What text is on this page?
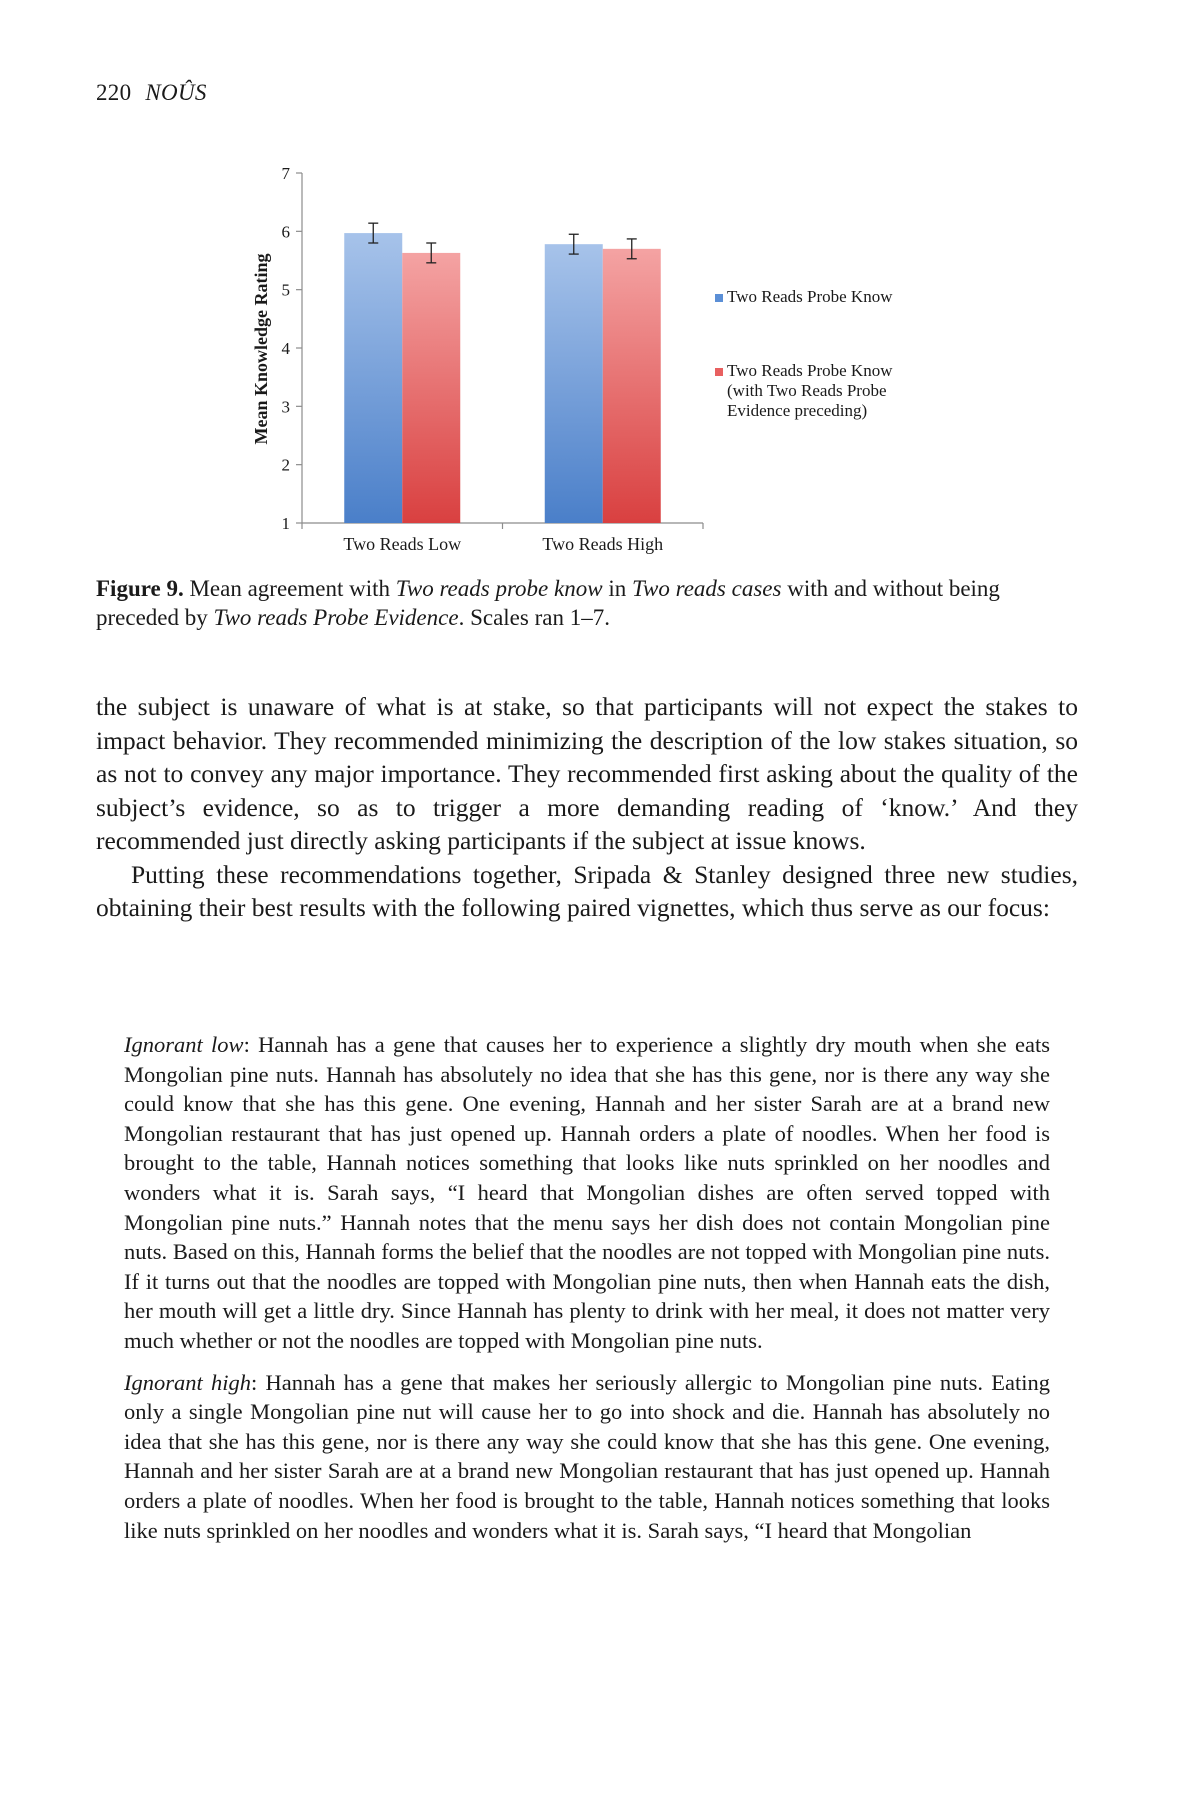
220 NOÛS
1
2
3
4
5
6
7
Two Reads Low	Two Reads High
Mean Knowledge Rating	Two Reads Probe Know
Two Reads Probe Know
(with Two Reads Probe
Evidence preceding)
Figure 9. Mean agreement with Two reads probe know in Two reads cases with and without being preceded by Two reads Probe Evidence. Scales ran 1–7.

the subject is unaware of what is at stake, so that participants will not expect the stakes to impact behavior. They recommended minimizing the description of the low stakes situation, so as not to convey any major importance. They recommended first asking about the quality of the subject’s evidence, so as to trigger a more demanding reading of ‘know.’ And they recommended just directly asking participants if the subject at issue knows.

Putting these recommendations together, Sripada & Stanley designed three new studies, obtaining their best results with the following paired vignettes, which thus serve as our focus:

Ignorant low: Hannah has a gene that causes her to experience a slightly dry mouth when she eats Mongolian pine nuts. Hannah has absolutely no idea that she has this gene, nor is there any way she could know that she has this gene. One evening, Hannah and her sister Sarah are at a brand new Mongolian restaurant that has just opened up. Hannah orders a plate of noodles. When her food is brought to the table, Hannah notices something that looks like nuts sprinkled on her noodles and wonders what it is. Sarah says, “I heard that Mongolian dishes are often served topped with Mongolian pine nuts.” Hannah notes that the menu says her dish does not contain Mongolian pine nuts. Based on this, Hannah forms the belief that the noodles are not topped with Mongolian pine nuts. If it turns out that the noodles are topped with Mongolian pine nuts, then when Hannah eats the dish, her mouth will get a little dry. Since Hannah has plenty to drink with her meal, it does not matter very much whether or not the noodles are topped with Mongolian pine nuts.

Ignorant high: Hannah has a gene that makes her seriously allergic to Mongolian pine nuts. Eating only a single Mongolian pine nut will cause her to go into shock and die. Hannah has absolutely no idea that she has this gene, nor is there any way she could know that she has this gene. One evening, Hannah and her sister Sarah are at a brand new Mongolian restaurant that has just opened up. Hannah orders a plate of noodles. When her food is brought to the table, Hannah notices something that looks like nuts sprinkled on her noodles and wonders what it is. Sarah says, “I heard that Mongolian
